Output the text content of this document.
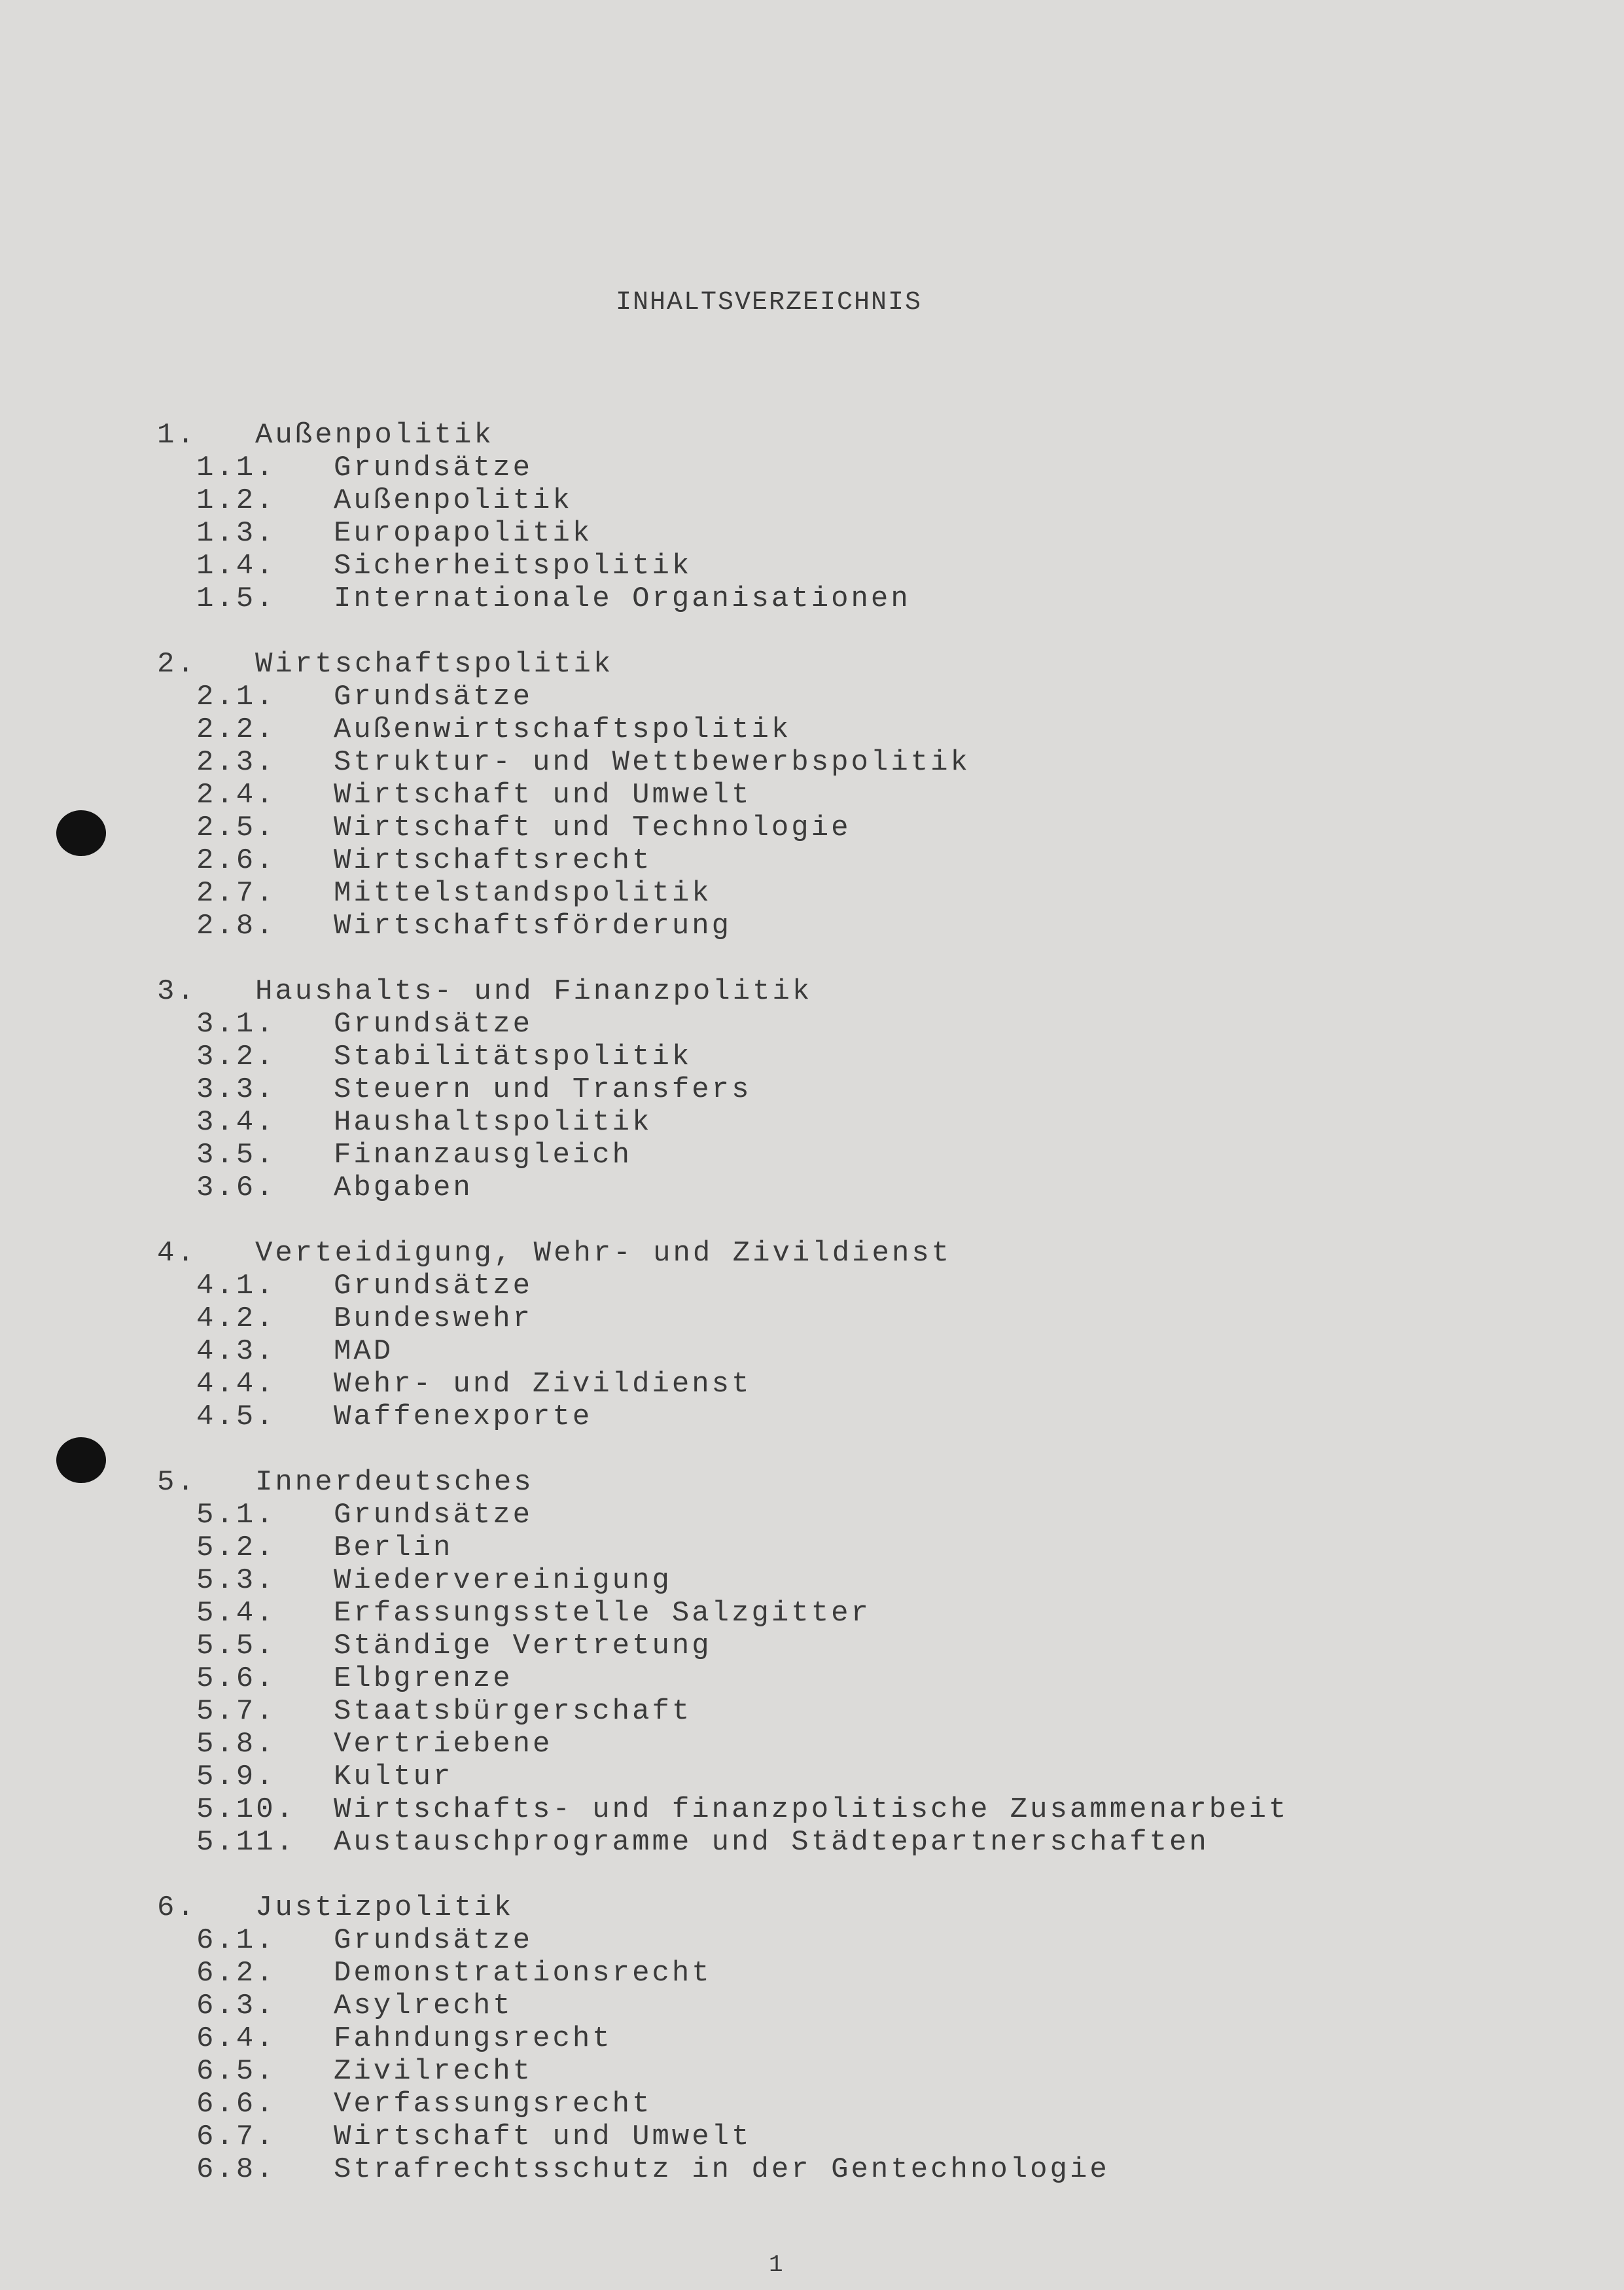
INHALTSVERZEICHNIS
1. Außenpolitik
1.1. Grundsätze
1.2. Außenpolitik
1.3. Europapolitik
1.4. Sicherheitspolitik
1.5. Internationale Organisationen
2. Wirtschaftspolitik
2.1. Grundsätze
2.2. Außenwirtschaftspolitik
2.3. Struktur- und Wettbewerbspolitik
2.4. Wirtschaft und Umwelt
2.5. Wirtschaft und Technologie
2.6. Wirtschaftsrecht
2.7. Mittelstandspolitik
2.8. Wirtschaftsförderung
3. Haushalts- und Finanzpolitik
3.1. Grundsätze
3.2. Stabilitätspolitik
3.3. Steuern und Transfers
3.4. Haushaltspolitik
3.5. Finanzausgleich
3.6. Abgaben
4. Verteidigung, Wehr- und Zivildienst
4.1. Grundsätze
4.2. Bundeswehr
4.3. MAD
4.4. Wehr- und Zivildienst
4.5. Waffenexporte
5. Innerdeutsches
5.1. Grundsätze
5.2. Berlin
5.3. Wiedervereinigung
5.4. Erfassungsstelle Salzgitter
5.5. Ständige Vertretung
5.6. Elbgrenze
5.7. Staatsbürgerschaft
5.8. Vertriebene
5.9. Kultur
5.10. Wirtschafts- und finanzpolitische Zusammenarbeit
5.11. Austauschprogramme und Städtepartnerschaften
6. Justizpolitik
6.1. Grundsätze
6.2. Demonstrationsrecht
6.3. Asylrecht
6.4. Fahndungsrecht
6.5. Zivilrecht
6.6. Verfassungsrecht
6.7. Wirtschaft und Umwelt
6.8. Strafrechtsschutz in der Gentechnologie
1
